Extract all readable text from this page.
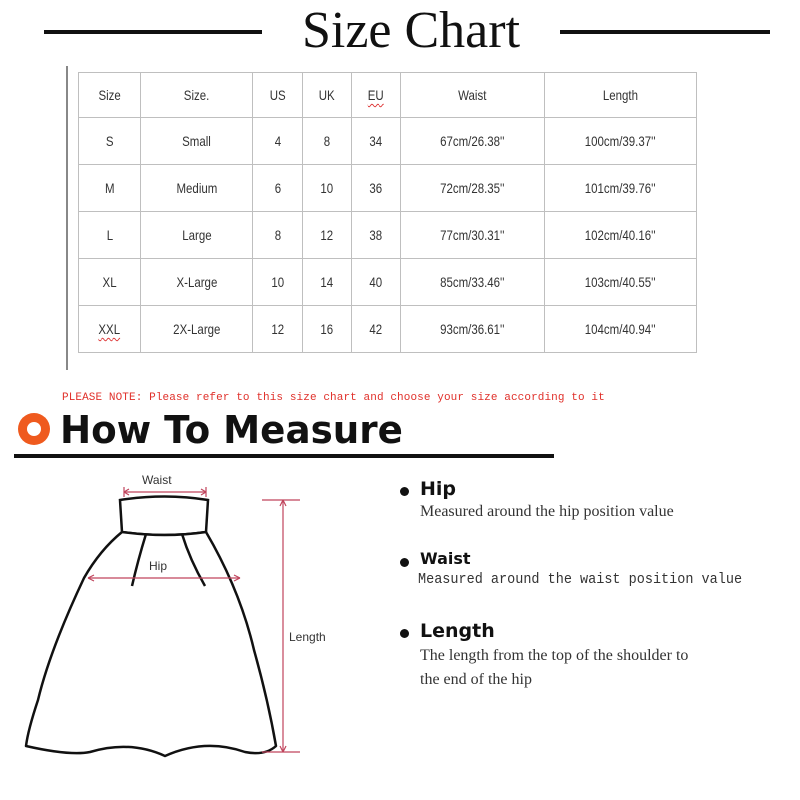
Size Chart
Size	Size.	US	UK	EU	Waist	Length
S	Small	4	8	34	67cm/26.38''	100cm/39.37''
M	Medium	6	10	36	72cm/28.35''	101cm/39.76''
L	Large	8	12	38	77cm/30.31''	102cm/40.16''
XL	X-Large	10	14	40	85cm/33.46''	103cm/40.55''
XXL	2X-Large	12	16	42	93cm/36.61''	104cm/40.94''
PLEASE NOTE: Please refer to this size chart and choose your size according to it
How To Measure
Waist
Hip
Length
Hip
Measured around the hip position value
Waist
Measured around the waist position value
Length
The length from the top of the shoulder to
the end of the hip
